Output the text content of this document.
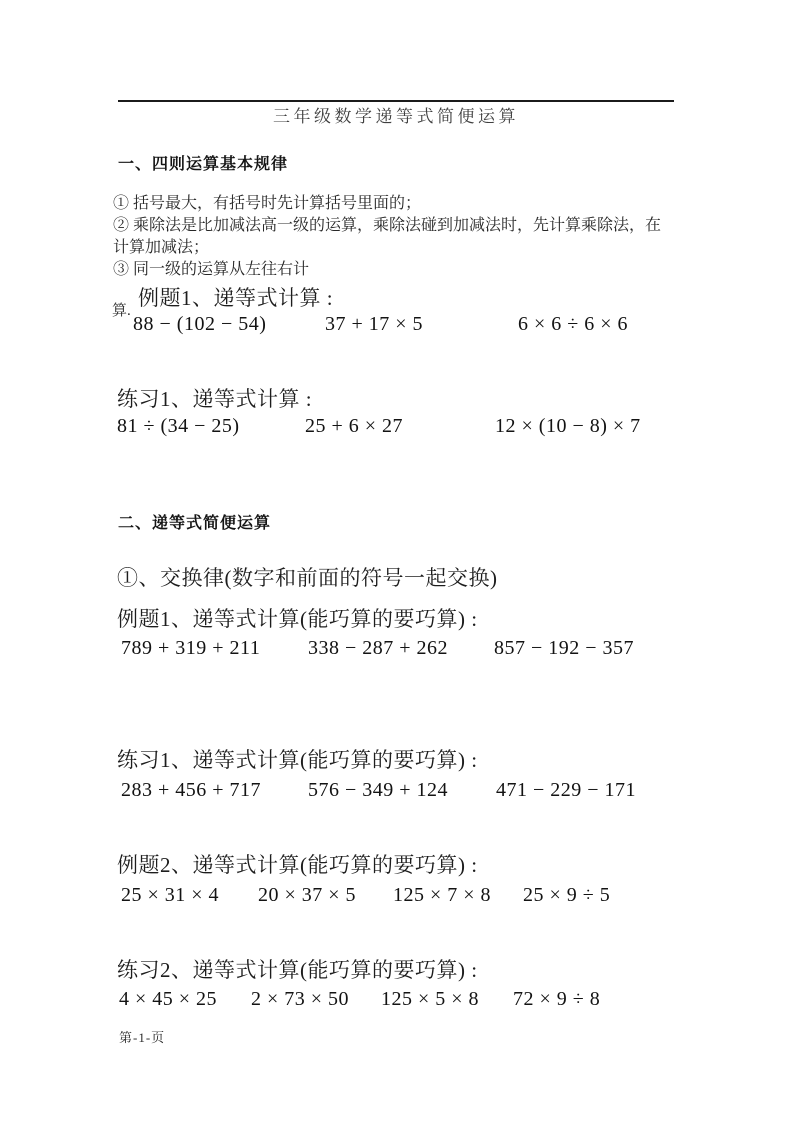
三年级数学递等式简便运算
一、四则运算基本规律
① 括号最大，有括号时先计算括号里面的；
② 乘除法是比加减法高一级的运算，乘除法碰到加减法时，先计算乘除法，在
计算加减法；
③ 同一级的运算从左往右计
算.
例题1、递等式计算 :
88 − (102 − 54)	37 + 17 × 5	6 × 6 ÷ 6 × 6
练习1、递等式计算 :
81 ÷ (34 − 25)	25 + 6 × 27	12 × (10 − 8) × 7
二、递等式简便运算
①、交换律(数字和前面的符号一起交换)
例题1、递等式计算(能巧算的要巧算) :
789 + 319 + 211 338 − 287 + 262 857 − 192 − 357
练习1、递等式计算(能巧算的要巧算) :
283 + 456 + 717 576 − 349 + 124 471 − 229 − 171
例题2、递等式计算(能巧算的要巧算) :
25 × 31 × 4 20 × 37 × 5 125 × 7 × 8 25 × 9 ÷ 5
练习2、递等式计算(能巧算的要巧算) :
4 × 45 × 25 2 × 73 × 50 125 × 5 × 8 72 × 9 ÷ 8
第-1-页
